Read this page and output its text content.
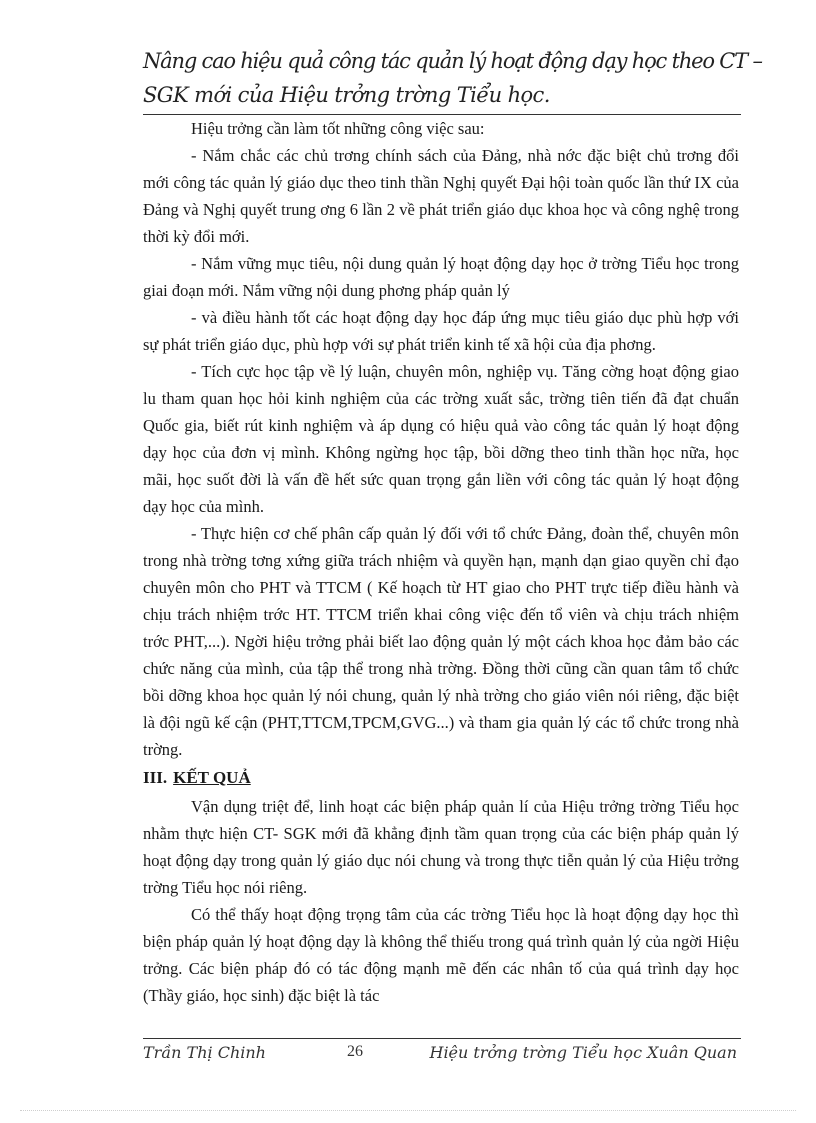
Nâng cao hiệu quả công tác quản lý hoạt động dạy học theo CT –
SGK mới của Hiệu trởng trờng Tiểu học.

Hiệu trởng cần làm tốt những công việc sau:

- Nắm chắc các chủ trơng chính sách của Đảng, nhà nớc đặc biệt chủ trơng đổi mới công tác quản lý giáo dục theo tinh thần Nghị quyết Đại hội toàn quốc lần thứ IX của Đảng và Nghị quyết trung ơng 6 lần 2 về phát triển giáo dục khoa học và công nghệ trong thời kỳ đổi mới.

- Nắm vững mục tiêu, nội dung quản lý hoạt động dạy học ở trờng Tiểu học trong giai đoạn mới. Nắm vững nội dung phơng pháp quản lý

- và điều hành tốt các hoạt động dạy học đáp ứng mục tiêu giáo dục phù hợp với sự phát triển giáo dục, phù hợp với sự phát triển kinh tế xã hội của địa phơng.

- Tích cực học tập về lý luận, chuyên môn, nghiệp vụ. Tăng cờng hoạt động giao lu tham quan học hỏi kinh nghiệm của các trờng xuất sắc, trờng tiên tiến đã đạt chuẩn Quốc gia, biết rút kinh nghiệm và áp dụng có hiệu quả vào công tác quản lý hoạt động dạy học của đơn vị mình. Không ngừng học tập, bồi dỡng theo tinh thần học nữa, học mãi, học suốt đời là vấn đề hết sức quan trọng gắn liền với công tác quản lý hoạt động dạy học của mình.

- Thực hiện cơ chế phân cấp quản lý đối với tổ chức Đảng, đoàn thể, chuyên môn trong nhà trờng tơng xứng giữa trách nhiệm và quyền hạn, mạnh dạn giao quyền chỉ đạo chuyên môn cho PHT và TTCM ( Kế hoạch từ HT giao cho PHT trực tiếp điều hành và chịu trách nhiệm trớc HT. TTCM triển khai công việc đến tổ viên và chịu trách nhiệm trớc PHT,...). Ngời hiệu trởng phải biết lao động quản lý một cách khoa học đảm bảo các chức năng của mình, của tập thể trong nhà trờng. Đồng thời cũng cần quan tâm tổ chức bồi dỡng khoa học quản lý nói chung, quản lý nhà trờng cho giáo viên nói riêng, đặc biệt là đội ngũ kế cận (PHT,TTCM,TPCM,GVG...) và tham gia quản lý các tổ chức trong nhà trờng.

III. KẾT QUẢ

Vận dụng triệt để, linh hoạt các biện pháp quản lí của Hiệu trởng trờng Tiểu học nhằm thực hiện CT- SGK mới đã khẳng định tầm quan trọng của các biện pháp quản lý hoạt động dạy trong quản lý giáo dục nói chung và trong thực tiễn quản lý của Hiệu trởng trờng Tiểu học nói riêng.

Có thể thấy hoạt động trọng tâm của các trờng Tiểu học là hoạt động dạy học thì biện pháp quản lý hoạt động dạy là không thể thiếu trong quá trình quản lý của ngời Hiệu trởng. Các biện pháp đó có tác động mạnh mẽ đến các nhân tố của quá trình dạy học (Thầy giáo, học sinh) đặc biệt là tác

Trần Thị Chinh	26	Hiệu trởng trờng Tiểu học Xuân Quan
